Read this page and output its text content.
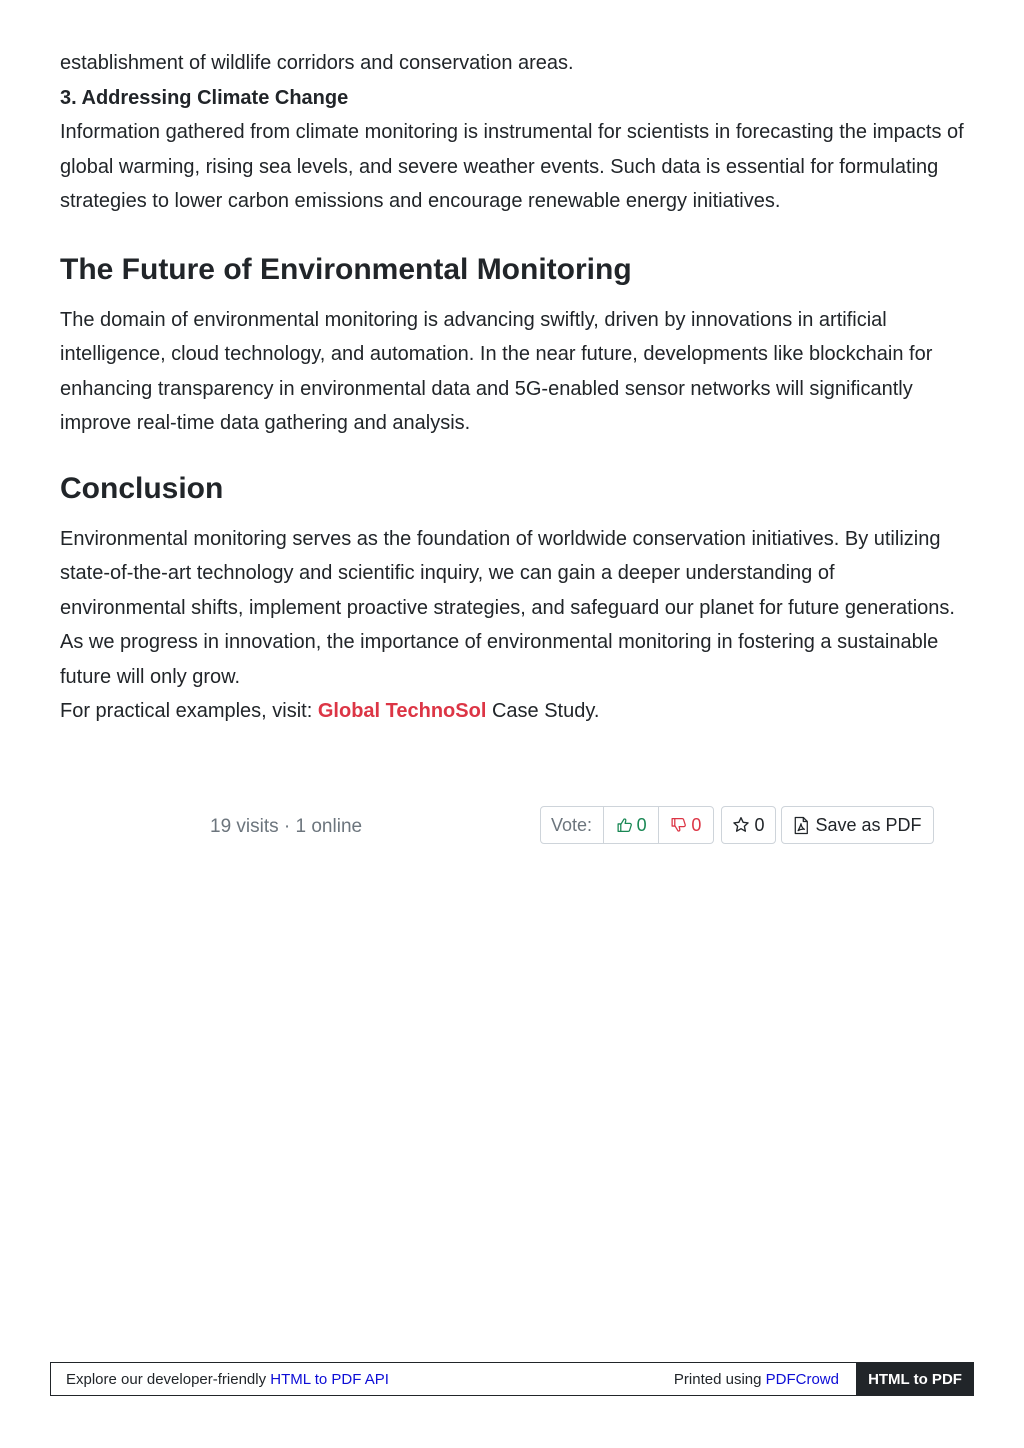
establishment of wildlife corridors and conservation areas.

3. Addressing Climate Change

Information gathered from climate monitoring is instrumental for scientists in forecasting the impacts of global warming, rising sea levels, and severe weather events. Such data is essential for formulating strategies to lower carbon emissions and encourage renewable energy initiatives.

The Future of Environmental Monitoring

The domain of environmental monitoring is advancing swiftly, driven by innovations in artificial intelligence, cloud technology, and automation. In the near future, developments like blockchain for enhancing transparency in environmental data and 5G-enabled sensor networks will significantly improve real-time data gathering and analysis.

Conclusion

Environmental monitoring serves as the foundation of worldwide conservation initiatives. By utilizing state-of-the-art technology and scientific inquiry, we can gain a deeper understanding of environmental shifts, implement proactive strategies, and safeguard our planet for future generations. As we progress in innovation, the importance of environmental monitoring in fostering a sustainable future will only grow.

For practical examples, visit: Global TechnoSol Case Study.

19 visits · 1 online	Vote:	0 0	0	Save as PDF
Explore our developer-friendly HTML to PDF API	Printed using PDFCrowd	HTML to PDF
